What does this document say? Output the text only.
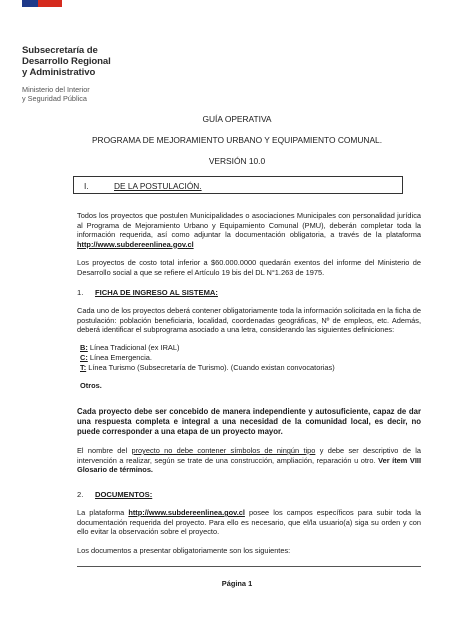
Subsecretaría de
Desarrollo Regional
y Administrativo
Ministerio del Interior
y Seguridad Pública
GUÍA OPERATIVA
PROGRAMA DE MEJORAMIENTO URBANO Y EQUIPAMIENTO COMUNAL.
VERSIÓN 10.0
I.	DE LA POSTULACIÓN.
Todos los proyectos que postulen Municipalidades o asociaciones Municipales con personalidad jurídica al Programa de Mejoramiento Urbano y Equipamiento Comunal (PMU), deberán completar toda la información requerida, así como adjuntar la documentación obligatoria, a través de la plataforma http://www.subdereenlinea.gov.cl
Los proyectos de costo total inferior a $60.000.0000 quedarán exentos del informe del Ministerio de Desarrollo social a que se refiere el Artículo 19 bis del DL N°1.263 de 1975.
1. FICHA DE INGRESO AL SISTEMA:
Cada uno de los proyectos deberá contener obligatoriamente toda la información solicitada en la ficha de postulación: población beneficiaria, localidad, coordenadas geográficas, Nº de empleos, etc. Además, deberá identificar el subprograma asociado a una letra, considerando las siguientes definiciones:
B: Línea Tradicional (ex IRAL)
C: Línea Emergencia.
T: Línea Turismo (Subsecretaría de Turismo). (Cuando existan convocatorias)
Otros.
Cada proyecto debe ser concebido de manera independiente y autosuficiente, capaz de dar una respuesta completa e integral a una necesidad de la comunidad local, es decir, no puede corresponder a una etapa de un proyecto mayor.
El nombre del proyecto no debe contener símbolos de ningún tipo y debe ser descriptivo de la intervención a realizar, según se trate de una construcción, ampliación, reparación u otro. Ver ítem VIII Glosario de términos.
2. DOCUMENTOS:
La plataforma http://www.subdereenlinea.gov.cl posee los campos específicos para subir toda la documentación requerida del proyecto. Para ello es necesario, que el/la usuario(a) siga su orden y con ello evitar la observación sobre el proyecto.
Los documentos a presentar obligatoriamente son los siguientes:
Página 1
